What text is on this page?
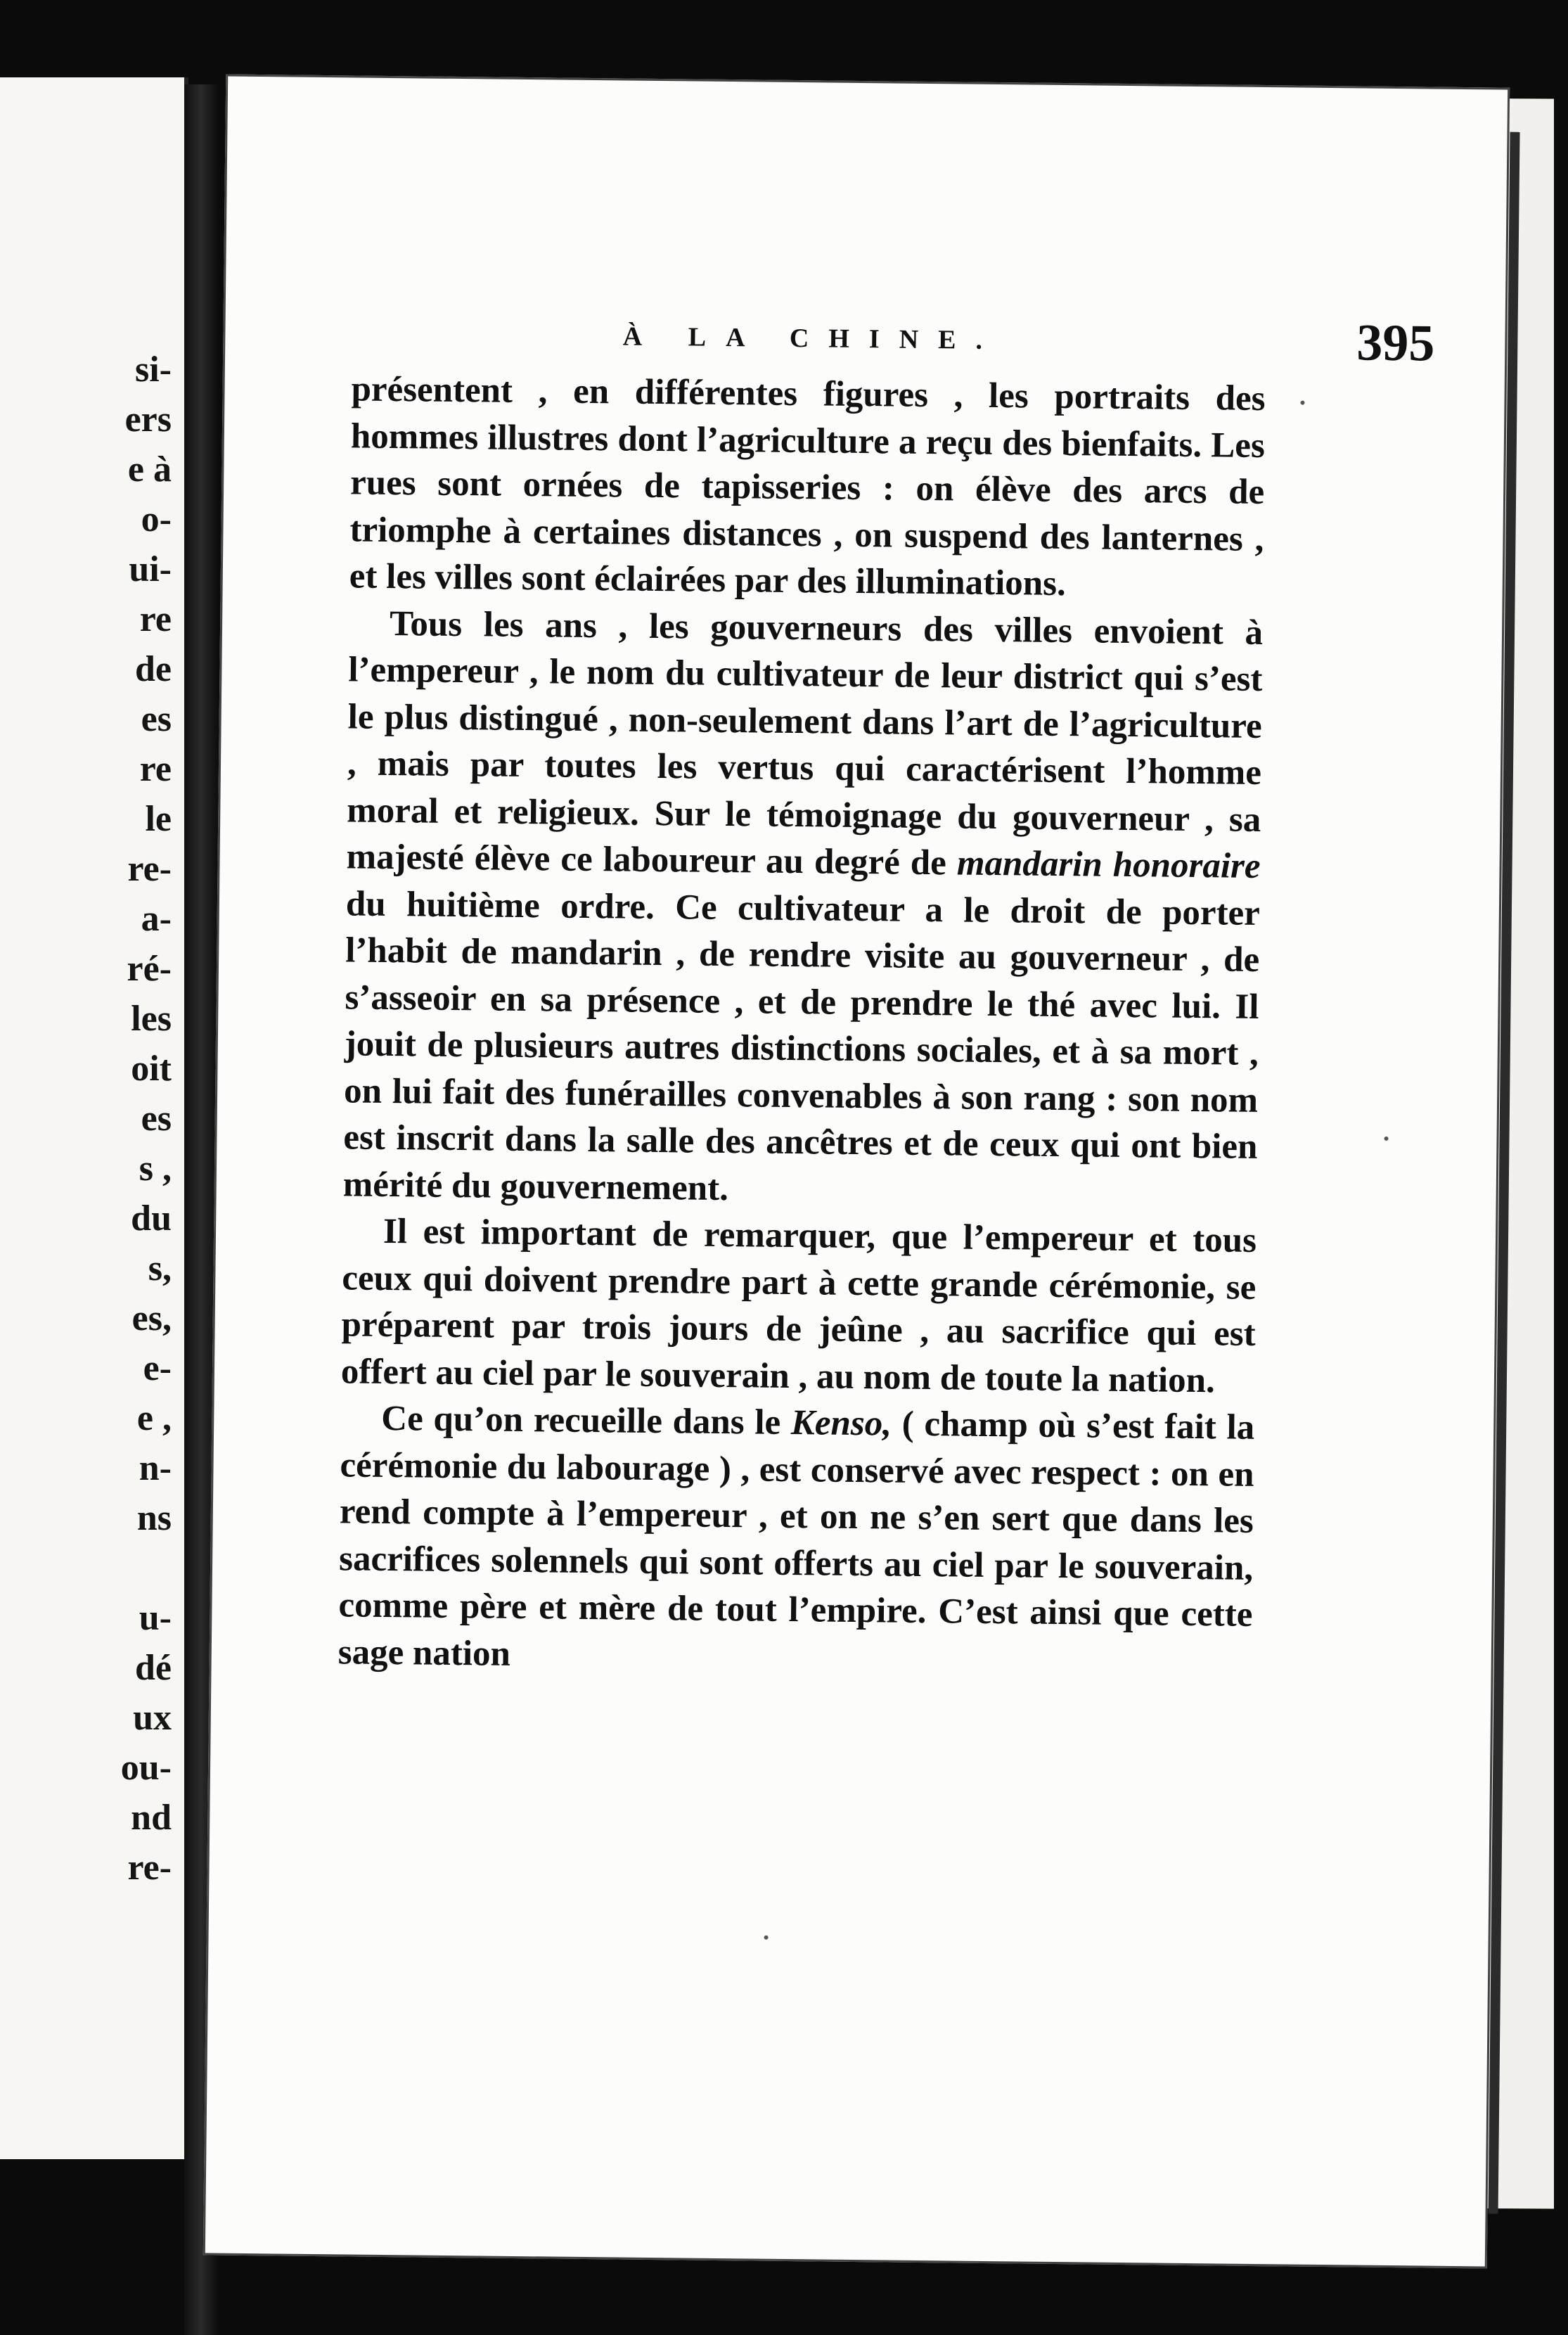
si-
ers
e à
o-
ui-
re
de
es
re
le
re-
a-
ré-
les
oit
es
s ,
du
s,
es,
e-
e ,
n-
ns
u-
dé
ux
ou-
nd
re-
À LA CHINE.	395

présentent , en différentes figures , les portraits des hommes illustres dont l’agriculture a reçu des bienfaits. Les rues sont ornées de tapisseries : on élève des arcs de triomphe à certaines distances , on suspend des lanternes , et les villes sont éclairées par des illuminations.

Tous les ans , les gouverneurs des villes envoient à l’empereur , le nom du cultivateur de leur district qui s’est le plus distingué , non-seulement dans l’art de l’agriculture , mais par toutes les vertus qui caractérisent l’homme moral et religieux. Sur le témoignage du gouverneur , sa majesté élève ce laboureur au degré de mandarin honoraire du huitième ordre. Ce cultivateur a le droit de porter l’habit de mandarin , de rendre visite au gouverneur , de s’asseoir en sa présence , et de prendre le thé avec lui. Il jouit de plusieurs autres distinctions sociales, et à sa mort , on lui fait des funérailles convenables à son rang : son nom est inscrit dans la salle des ancêtres et de ceux qui ont bien mérité du gouvernement.

Il est important de remarquer, que l’empereur et tous ceux qui doivent prendre part à cette grande cérémonie, se préparent par trois jours de jeûne , au sacrifice qui est offert au ciel par le souverain , au nom de toute la nation.

Ce qu’on recueille dans le Kenso, ( champ où s’est fait la cérémonie du labourage ) , est conservé avec respect : on en rend compte à l’empereur , et on ne s’en sert que dans les sacrifices solennels qui sont offerts au ciel par le souverain, comme père et mère de tout l’empire. C’est ainsi que cette sage nation
